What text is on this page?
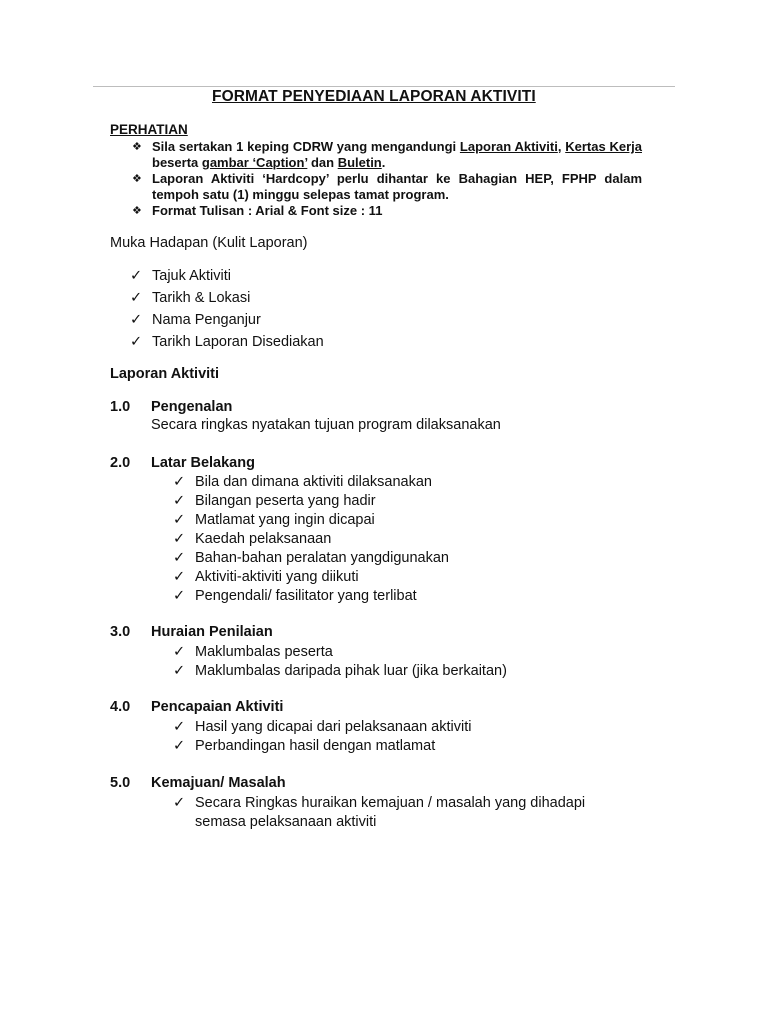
FORMAT PENYEDIAAN LAPORAN AKTIVITI
PERHATIAN
❖ Sila sertakan 1 keping CDRW yang mengandungi Laporan Aktiviti, Kertas Kerja beserta gambar ‘Caption’ dan Buletin.
❖ Laporan Aktiviti ‘Hardcopy’ perlu dihantar ke Bahagian HEP, FPHP dalam tempoh satu (1) minggu selepas tamat program.
❖ Format Tulisan : Arial & Font size : 11
Muka Hadapan (Kulit Laporan)
✓ Tajuk Aktiviti
✓ Tarikh & Lokasi
✓ Nama Penganjur
✓ Tarikh Laporan Disediakan
Laporan Aktiviti
1.0 Pengenalan
Secara ringkas nyatakan tujuan program dilaksanakan
2.0 Latar Belakang
✓ Bila dan dimana aktiviti dilaksanakan
✓ Bilangan peserta yang hadir
✓ Matlamat yang ingin dicapai
✓ Kaedah pelaksanaan
✓ Bahan-bahan peralatan yangdigunakan
✓ Aktiviti-aktiviti yang diikuti
✓ Pengendali/ fasilitator yang terlibat
3.0 Huraian Penilaian
✓ Maklumbalas peserta
✓ Maklumbalas daripada pihak luar (jika berkaitan)
4.0 Pencapaian Aktiviti
✓ Hasil yang dicapai dari pelaksanaan aktiviti
✓ Perbandingan hasil dengan matlamat
5.0 Kemajuan/ Masalah
✓ Secara Ringkas huraikan kemajuan / masalah yang dihadapi
semasa pelaksanaan aktiviti
